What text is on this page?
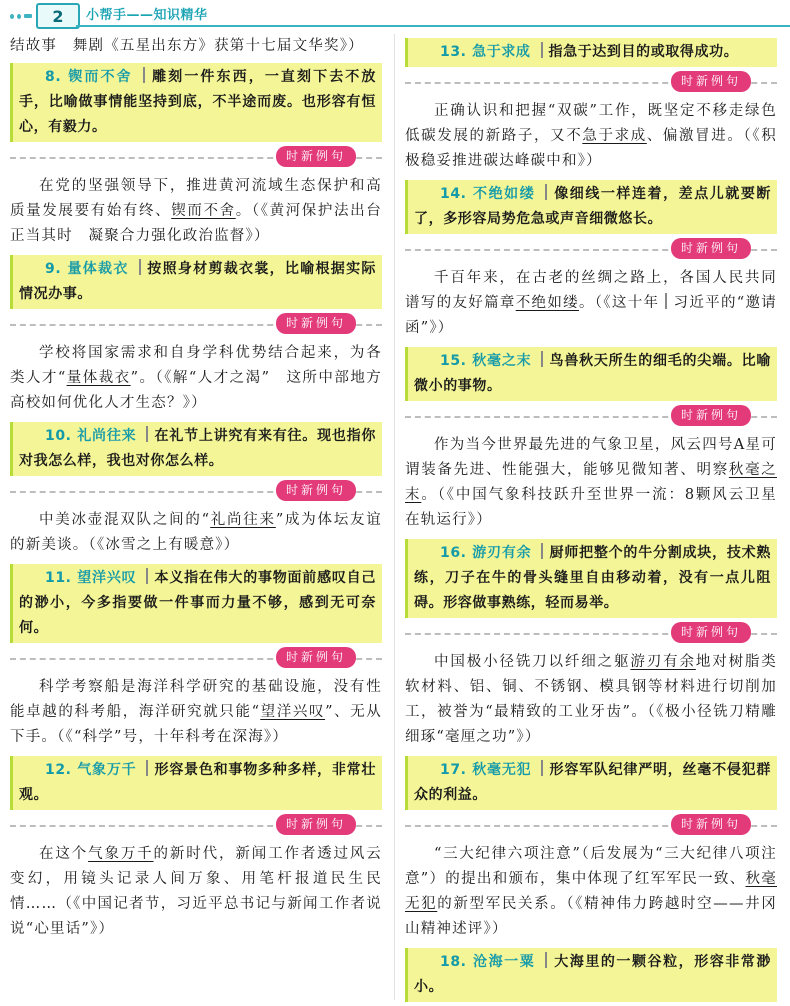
2	小帮手——知识精华

结故事　舞剧《五星出东方》获第十七届文华奖》）

8. 锲而不舍 雕刻一件东西，一直刻下去不放手，比喻做事情能坚持到底，不半途而废。也形容有恒心，有毅力。
时新例句

在党的坚强领导下，推进黄河流域生态保护和高质量发展要有始有终、锲而不舍。（《黄河保护法出台正当其时　凝聚合力强化政治监督》）

9. 量体裁衣 按照身材剪裁衣裳，比喻根据实际情况办事。
时新例句

学校将国家需求和自身学科优势结合起来，为各类人才“量体裁衣”。（《解“人才之渴”　这所中部地方高校如何优化人才生态？》）

10. 礼尚往来 在礼节上讲究有来有往。现也指你对我怎么样，我也对你怎么样。
时新例句

中美冰壶混双队之间的“礼尚往来”成为体坛友谊的新美谈。（《冰雪之上有暖意》）

11. 望洋兴叹 本义指在伟大的事物面前感叹自己的渺小，今多指要做一件事而力量不够，感到无可奈何。
时新例句

科学考察船是海洋科学研究的基础设施，没有性能卓越的科考船，海洋研究就只能“望洋兴叹”、无从下手。（《“科学”号，十年科考在深海》）

12. 气象万千 形容景色和事物多种多样，非常壮观。
时新例句

在这个气象万千的新时代，新闻工作者透过风云变幻，用镜头记录人间万象、用笔杆报道民生民情……（《中国记者节，习近平总书记与新闻工作者说说“心里话”》）

13. 急于求成 指急于达到目的或取得成功。
时新例句

正确认识和把握“双碳”工作，既坚定不移走绿色低碳发展的新路子，又不急于求成、偏激冒进。（《积极稳妥推进碳达峰碳中和》）

14. 不绝如缕 像细线一样连着，差点儿就要断了，多形容局势危急或声音细微悠长。
时新例句

千百年来，在古老的丝绸之路上，各国人民共同谱写的友好篇章不绝如缕。（《这十年 习近平的“邀请函”》）

15. 秋毫之末 鸟兽秋天所生的细毛的尖端。比喻微小的事物。
时新例句

作为当今世界最先进的气象卫星，风云四号A星可谓装备先进、性能强大，能够见微知著、明察秋毫之末。（《中国气象科技跃升至世界一流：8颗风云卫星在轨运行》）

16. 游刃有余 厨师把整个的牛分割成块，技术熟练，刀子在牛的骨头缝里自由移动着，没有一点儿阻碍。形容做事熟练，轻而易举。
时新例句

中国极小径铣刀以纤细之躯游刃有余地对树脂类软材料、铝、铜、不锈钢、模具钢等材料进行切削加工，被誉为“最精致的工业牙齿”。（《极小径铣刀精雕细琢“毫厘之功”》）

17. 秋毫无犯 形容军队纪律严明，丝毫不侵犯群众的利益。
时新例句

“三大纪律六项注意”（后发展为“三大纪律八项注意”）的提出和颁布，集中体现了红军军民一致、秋毫无犯的新型军民关系。（《精神伟力跨越时空——井冈山精神述评》）

18. 沧海一粟 大海里的一颗谷粒，形容非常渺小。
